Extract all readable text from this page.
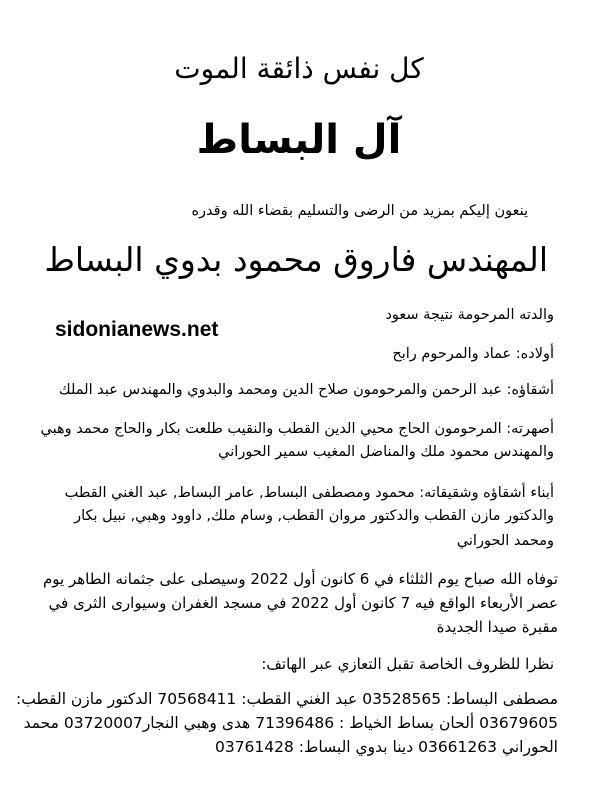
كل نفس ذائقة الموت

آل البساط

ينعون إليكم بمزيد من الرضى والتسليم بقضاء الله وقدره

المهندس فاروق محمود بدوي البساط

sidonianews.net

والدته المرحومة نتيجة سعود

أولاده: عماد والمرحوم رابح

أشقاؤه: عبد الرحمن والمرحومون صلاح الدين ومحمد والبدوي والمهندس عبد الملك

أصهرته: المرحومون الحاج محيي الدين القطب والنقيب طلعت بكار والحاج محمد وهبي

والمهندس محمود ملك والمناضل المغيب سمير الحوراني

أبناء أشقاؤه وشقيقاته: محمود ومصطفى البساط, عامر البساط, عبد الغني القطب

والدكتور مازن القطب والدكتور مروان القطب, وسام ملك, داوود وهبي, نبيل بكار

ومحمد الحوراني

توفاه الله صباح يوم الثلثاء في 6 كانون أول 2022 وسيصلى على جثمانه الطاهر يوم

عصر الأربعاء الواقع فيه 7 كانون أول 2022 في مسجد الغفران وسيوارى الثرى في

مقبرة صيدا الجديدة

نظرا للظروف الخاصة تقبل التعازي عبر الهاتف:

مصطفى البساط: 03528565 عبد الغني القطب: 70568411 الدكتور مازن القطب:

03679605 ألحان بساط الخياط : 71396486 هدى وهبي النجار03720007 محمد

الحوراني 03661263 دينا بدوي البساط: 03761428
